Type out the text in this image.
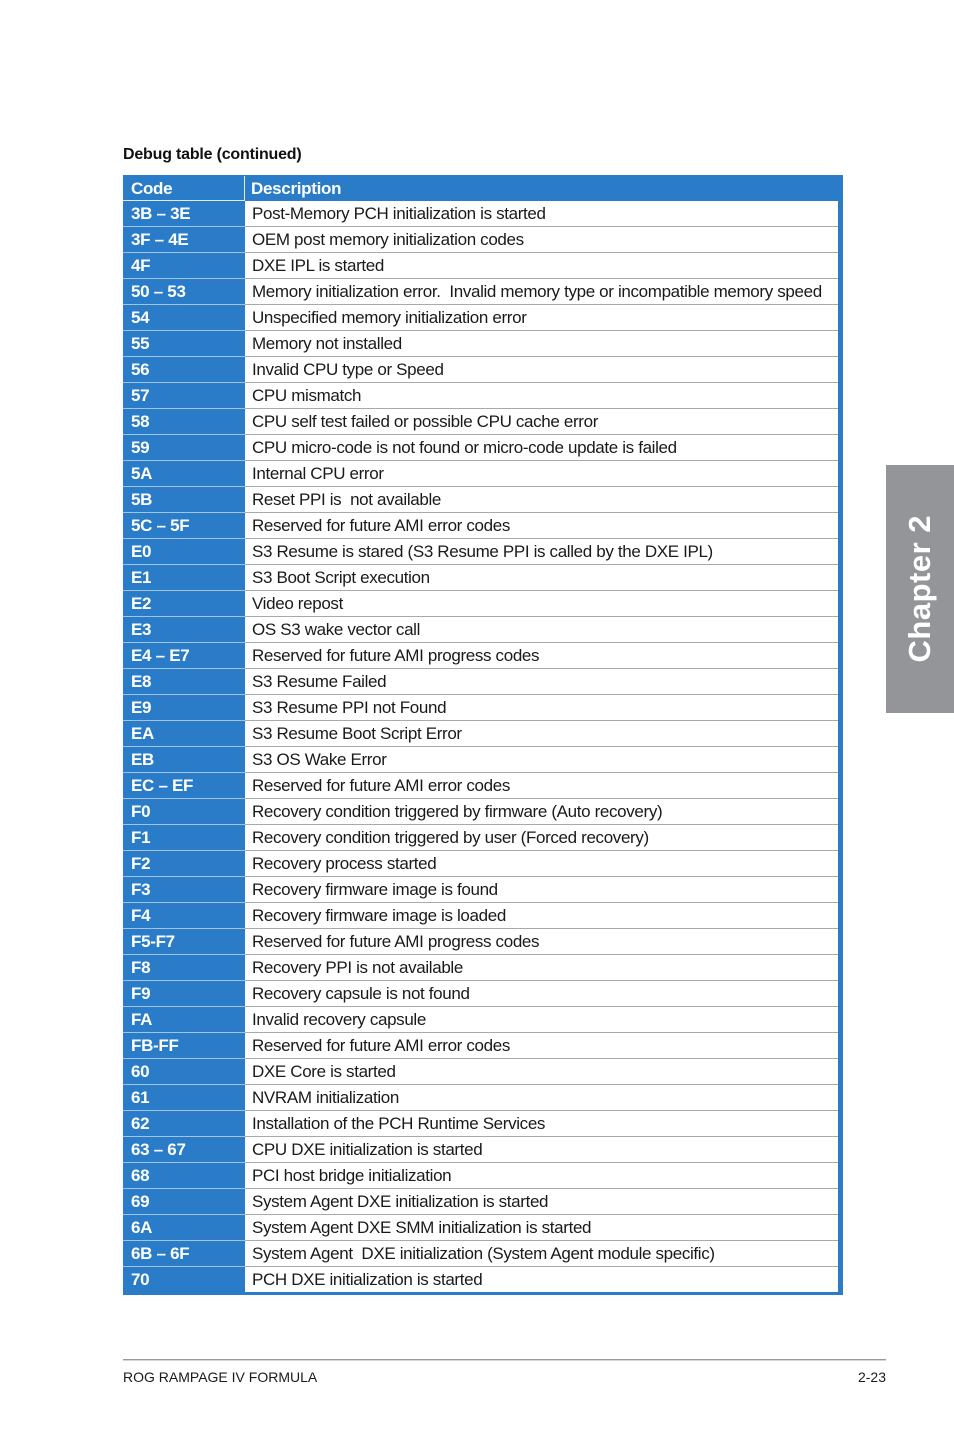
Debug table (continued)
Code	Description
3B – 3E	Post-Memory PCH initialization is started
3F – 4E	OEM post memory initialization codes
4F	DXE IPL is started
50 – 53	Memory initialization error.  Invalid memory type or incompatible memory speed
54	Unspecified memory initialization error
55	Memory not installed
56	Invalid CPU type or Speed
57	CPU mismatch
58	CPU self test failed or possible CPU cache error
59	CPU micro-code is not found or micro-code update is failed
5A	Internal CPU error
5B	Reset PPI is  not available
5C – 5F	Reserved for future AMI error codes
E0	S3 Resume is stared (S3 Resume PPI is called by the DXE IPL)
E1	S3 Boot Script execution
E2	Video repost
E3	OS S3 wake vector call
E4 – E7	Reserved for future AMI progress codes
E8	S3 Resume Failed
E9	S3 Resume PPI not Found
EA	S3 Resume Boot Script Error
EB	S3 OS Wake Error
EC – EF	Reserved for future AMI error codes
F0	Recovery condition triggered by firmware (Auto recovery)
F1	Recovery condition triggered by user (Forced recovery)
F2	Recovery process started
F3	Recovery firmware image is found
F4	Recovery firmware image is loaded
F5-F7	Reserved for future AMI progress codes
F8	Recovery PPI is not available
F9	Recovery capsule is not found
FA	Invalid recovery capsule
FB-FF	Reserved for future AMI error codes
60	DXE Core is started
61	NVRAM initialization
62	Installation of the PCH Runtime Services
63 – 67	CPU DXE initialization is started
68	PCI host bridge initialization
69	System Agent DXE initialization is started
6A	System Agent DXE SMM initialization is started
6B – 6F	System Agent  DXE initialization (System Agent module specific)
70	PCH DXE initialization is started
Chapter 2
ROG RAMPAGE IV FORMULA	2-23
